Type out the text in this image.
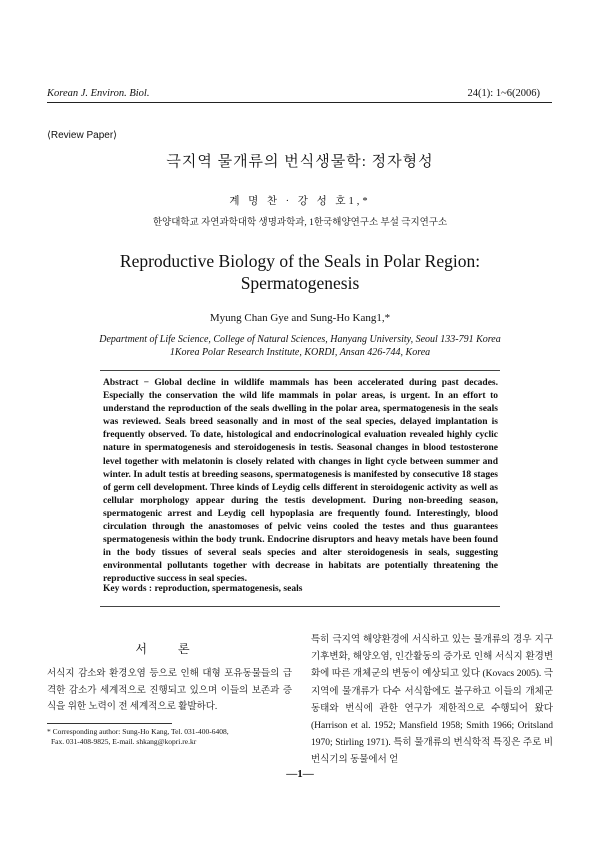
Korean J. Environ. Biol.	24(1): 1~6(2006)
⟨Review Paper⟩
극지역 물개류의 번식생물학: 정자형성
계 명 찬 · 강 성 호1,*
한양대학교 자연과학대학 생명과학과, 1한국해양연구소 부설 극지연구소
Reproductive Biology of the Seals in Polar Region: Spermatogenesis
Myung Chan Gye and Sung-Ho Kang1,*
Department of Life Science, College of Natural Sciences, Hanyang University, Seoul 133-791 Korea
1Korea Polar Research Institute, KORDI, Ansan 426-744, Korea
Abstract − Global decline in wildlife mammals has been accelerated during past decades. Especially the conservation the wild life mammals in polar areas, is urgent. In an effort to understand the reproduction of the seals dwelling in the polar area, spermatogenesis in the seals was reviewed. Seals breed seasonally and in most of the seal species, delayed implantation is frequently observed. To date, histological and endocrinological evaluation revealed highly cyclic nature in spermatogenesis and steroidogenesis in testis. Seasonal changes in blood testosterone level together with melatonin is closely related with changes in light cycle between summer and winter. In adult testis at breeding seasons, spermatogenesis is manifested by consecutive 18 stages of germ cell development. Three kinds of Leydig cells different in steroidogenic activity as well as cellular morphology appear during the testis development. During non-breeding season, spermatogenic arrest and Leydig cell hypoplasia are frequently found. Interestingly, blood circulation through the anastomoses of pelvic veins cooled the testes and thus guarantees spermatogenesis within the body trunk. Endocrine disruptors and heavy metals have been found in the body tissues of several seals species and alter steroidogenesis in seals, suggesting environmental pollutants together with decrease in habitats are potentially threatening the reproductive success in seal species.
Key words : reproduction, spermatogenesis, seals
서 론
서식지 감소와 환경오염 등으로 인해 대형 포유동물들의 급격한 감소가 세계적으로 진행되고 있으며 이들의 보존과 증식을 위한 노력이 전 세계적으로 활발하다.
* Corresponding author: Sung-Ho Kang, Tel. 031-400-6408,
Fax. 031-408-9825, E-mail. shkang@kopri.re.kr
특히 극지역 해양환경에 서식하고 있는 물개류의 경우 지구기후변화, 해양오염, 인간활동의 증가로 인해 서식지 환경변화에 따른 개체군의 변동이 예상되고 있다 (Kovacs 2005). 극지역에 물개류가 다수 서식함에도 불구하고 이들의 개체군동태와 번식에 관한 연구가 제한적으로 수행되어 왔다 (Harrison et al. 1952; Mansfield 1958; Smith 1966; Oritsland 1970; Stirling 1971). 특히 물개류의 번식학적 특징은 주로 비번식기의 동물에서 얻
—1—
